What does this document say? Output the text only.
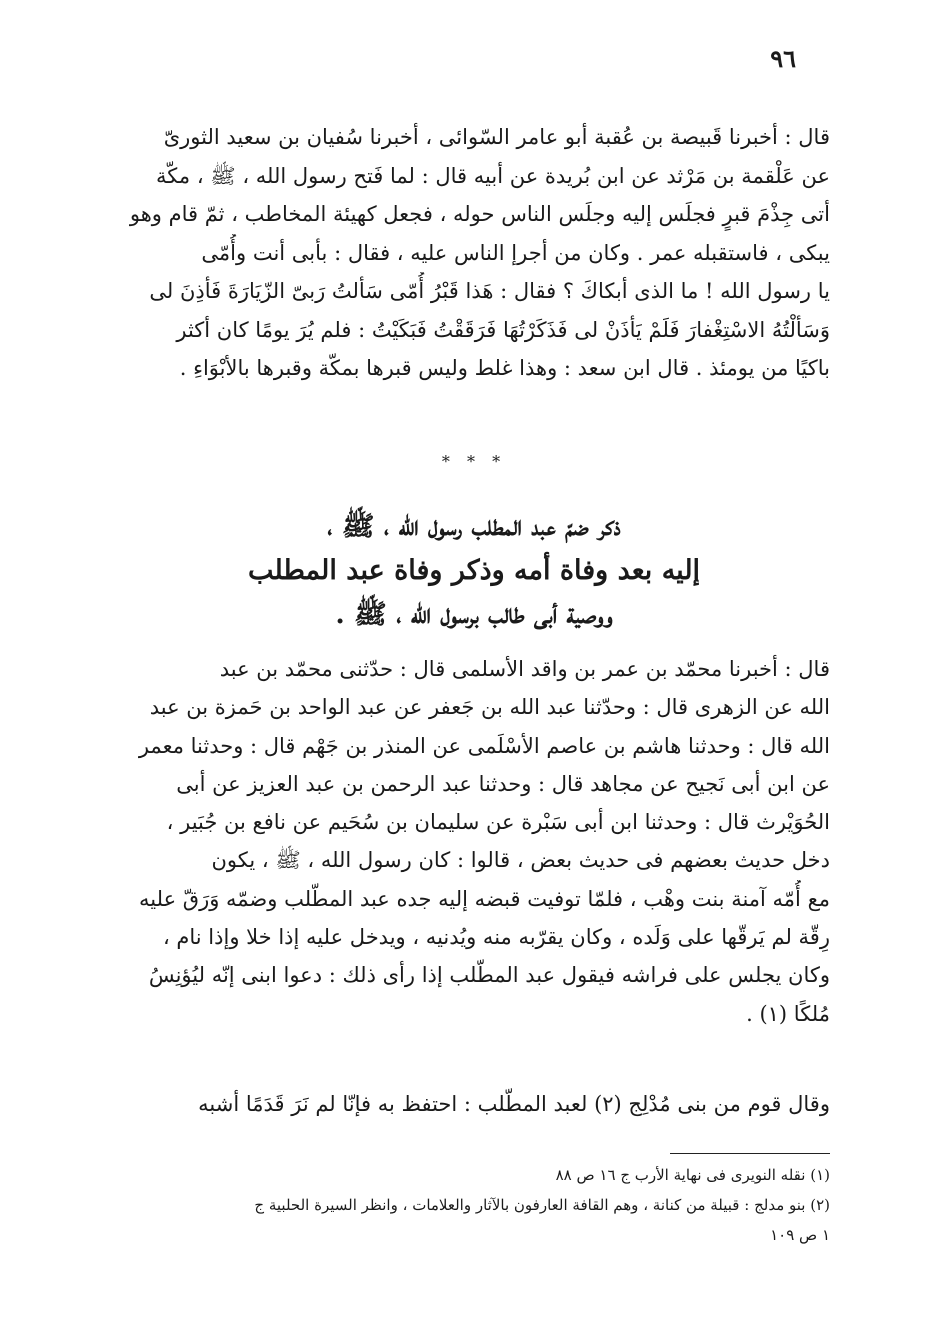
٩٦
قال : أخبرنا قَبيصة بن عُقبة أبو عامر السّوائى ، أخبرنا سُفيان بن سعيد الثورىّ
عن عَلْقمة بن مَرْثد عن ابن بُريدة عن أبيه قال : لما فَتح رسول الله ، ﷺ ، مكّة
أتى جِذْمَ قبرٍ فجلَس إليه وجلَس الناس حوله ، فجعل كهيئة المخاطب ، ثمّ قام وهو
يبكى ، فاستقبله عمر . وكان من أجرإ الناس عليه ، فقال : بأبى أنت وأُمّى
يا رسول الله ! ما الذى أبكاكَ ؟ فقال : هَذا قَبْرُ أُمّى سَألتُ رَبىّ الزّيَارَةَ فَأذِنَ لى
وَسَألْتُهُ الاسْتِغْفارَ فَلَمْ يَأذَنْ لى فَذَكَرْتُهَا فَرَقَقْتُ فَبَكَيْتُ : فلم يُرَ يومًا كان أكثر
باكيًا من يومئذ . قال ابن سعد : وهذا غلط وليس قبرها بمكّة وقبرها بالأبْوَاءِ .
* * *
ذكر ضمّ عبد المطلب رسول الله ، ﷺ ،
إليه بعد وفاة أمه وذكر وفاة عبد المطلب
ووصية أبى طالب برسول الله ، ﷺ .
قال : أخبرنا محمّد بن عمر بن واقد الأسلمى قال : حدّثنى محمّد بن عبد
الله عن الزهرى قال : وحدّثنا عبد الله بن جَعفر عن عبد الواحد بن حَمزة بن عبد
الله قال : وحدثنا هاشم بن عاصم الأسْلَمى عن المنذر بن جَهْم قال : وحدثنا معمر
عن ابن أبى نَجيح عن مجاهد قال : وحدثنا عبد الرحمن بن عبد العزيز عن أبى
الحُوَيْرث قال : وحدثنا ابن أبى سَبْرة عن سليمان بن سُحَيم عن نافع بن جُبَير ،
دخل حديث بعضهم فى حديث بعض ، قالوا : كان رسول الله ، ﷺ ، يكون
مع أُمّه آمنة بنت وهْب ، فلمّا توفيت قبضه إليه جده عبد المطّلب وضمّه وَرَقّ عليه
رِقّة لم يَرقّها على وَلَده ، وكان يقرّبه منه ويُدنيه ، ويدخل عليه إذا خلا وإذا نام ،
وكان يجلس على فراشه فيقول عبد المطّلب إذا رأى ذلك : دعوا ابنى إنّه ليُؤنِسُ
مُلكًا (١) .
وقال قوم من بنى مُدْلِج (٢) لعبد المطّلب : احتفظ به فإنّا لم نَرَ قَدَمًا أشبه
(١) نقله النويرى فى نهاية الأرب ج ١٦ ص ٨٨
(٢) بنو مدلج : قبيلة من كنانة ، وهم القافة العارفون بالآثار والعلامات ، وانظر السيرة الحلبية ج
١ ص ١٠٩
